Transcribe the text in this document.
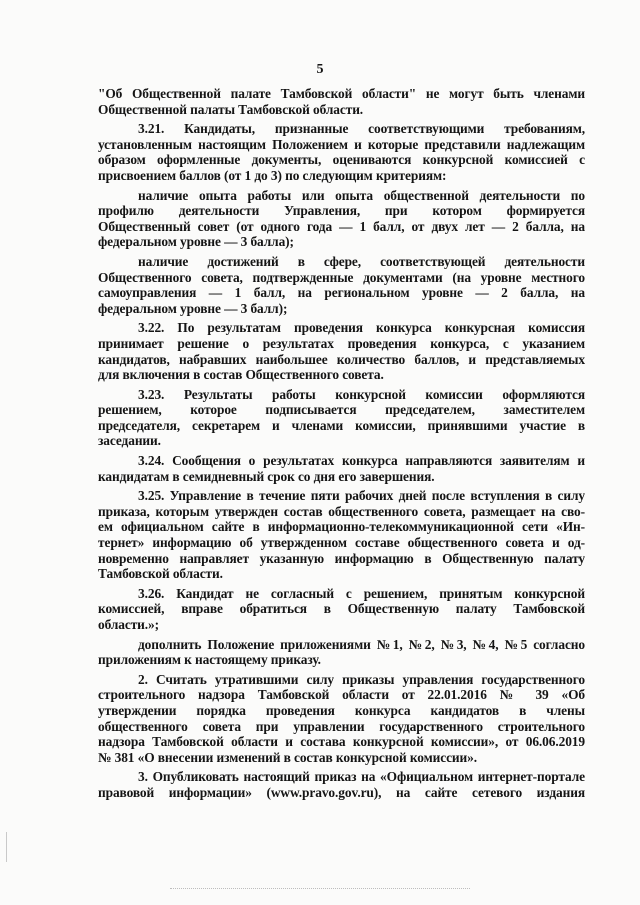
5
"Об Общественной палате Тамбовской области" не могут быть членами
Общественной палаты Тамбовской области.
3.21. Кандидаты, признанные соответствующими требованиям,
установленным настоящим Положением и которые представили надлежащим
образом оформленные документы, оцениваются конкурсной комиссией с
присвоением баллов (от 1 до 3) по следующим критериям:
наличие опыта работы или опыта общественной деятельности по
профилю деятельности Управления, при котором формируется
Общественный совет (от одного года — 1 балл, от двух лет — 2 балла, на
федеральном уровне — 3 балла);
наличие достижений в сфере, соответствующей деятельности
Общественного совета, подтвержденные документами (на уровне местного
самоуправления — 1 балл, на региональном уровне — 2 балла, на
федеральном уровне — 3 балл);
3.22. По результатам проведения конкурса конкурсная комиссия
принимает решение о результатах проведения конкурса, с указанием
кандидатов, набравших наибольшее количество баллов, и представляемых
для включения в состав Общественного совета.
3.23. Результаты работы конкурсной комиссии оформляются
решением, которое подписывается председателем, заместителем
председателя, секретарем и членами комиссии, принявшими участие в
заседании.
3.24. Сообщения о результатах конкурса направляются заявителям и
кандидатам в семидневный срок со дня его завершения.
3.25. Управление в течение пяти рабочих дней после вступления в силу
приказа, которым утвержден состав общественного совета, размещает на сво-
ем официальном сайте в информационно-телекоммуникационной сети «Ин-
тернет» информацию об утвержденном составе общественного совета и од-
новременно направляет указанную информацию в Общественную палату
Тамбовской области.
3.26. Кандидат не согласный с решением, принятым конкурсной
комиссией, вправе обратиться в Общественную палату Тамбовской
области.»;
дополнить Положение приложениями №1, №2, №3, №4, №5 согласно
приложениям к настоящему приказу.
2. Считать утратившими силу приказы управления государственного
строительного надзора Тамбовской области от 22.01.2016 № 39 «Об
утверждении порядка проведения конкурса кандидатов в члены
общественного совета при управлении государственного строительного
надзора Тамбовской области и состава конкурсной комиссии», от 06.06.2019
№ 381 «О внесении изменений в состав конкурсной комиссии».
3. Опубликовать настоящий приказ на «Официальном интернет-портале
правовой информации» (www.pravo.gov.ru), на сайте сетевого издания
